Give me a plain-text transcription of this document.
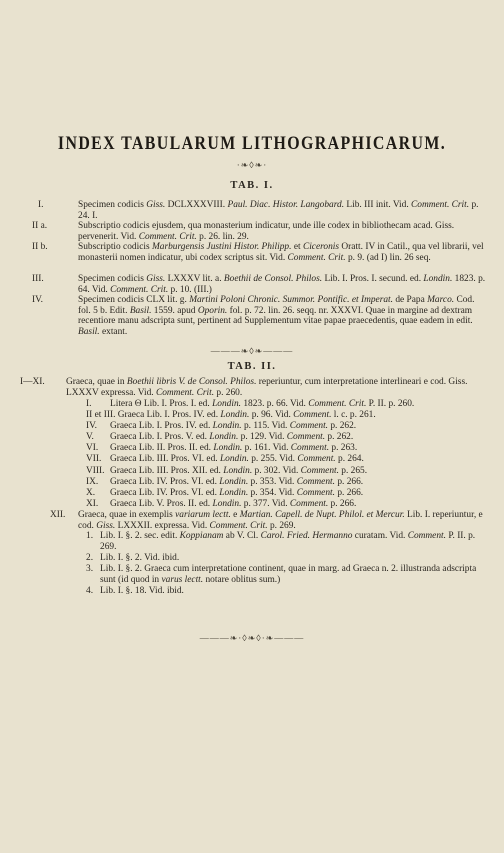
INDEX TABULARUM LITHOGRAPHICARUM.
·❧◊❧·
TAB. I.
I.	Specimen codicis Giss. DCLXXXVIII. Paul. Diac. Histor. Langobard. Lib. III init. Vid. Comment. Crit. p. 24. I.
II a.	Subscriptio codicis ejusdem, qua monasterium indicatur, unde ille codex in bibliothecam acad. Giss. pervenerit. Vid. Comment. Crit. p. 26. lin. 29.
II b.	Subscriptio codicis Marburgensis Justini Histor. Philipp. et Ciceronis Oratt. IV in Catil., qua vel librarii, vel monasterii nomen indicatur, ubi codex scriptus sit. Vid. Comment. Crit. p. 9. (ad I) lin. 26 seq.
III.	Specimen codicis Giss. LXXXV lit. a. Boethii de Consol. Philos. Lib. I. Pros. I. secund. ed. Londin. 1823. p. 64. Vid. Comment. Crit. p. 10. (III.)
IV.	Specimen codicis CLX lit. g. Martini Poloni Chronic. Summor. Pontific. et Imperat. de Papa Marco. Cod. fol. 5 b. Edit. Basil. 1559. apud Oporin. fol. p. 72. lin. 26. seqq. nr. XXXVI. Quae in margine ad dextram recentiore manu adscripta sunt, pertinent ad Supplementum vitae papae praecedentis, quae eadem in edit. Basil. extant.
———❧◊❧———
TAB. II.
I—XI. Graeca, quae in Boethii libris V. de Consol. Philos. reperiuntur, cum interpretatione interlineari e cod. Giss. LXXXV expressa. Vid. Comment. Crit. p. 260.
I. Litera Θ Lib. I. Pros. I. ed. Londin. 1823. p. 66. Vid. Comment. Crit. P. II. p. 260.
II et III. Graeca Lib. I. Pros. IV. ed. Londin. p. 96. Vid. Comment. l. c. p. 261.
IV. Graeca Lib. I. Pros. IV. ed. Londin. p. 115. Vid. Comment. p. 262.
V. Graeca Lib. I. Pros. V. ed. Londin. p. 129. Vid. Comment. p. 262.
VI. Graeca Lib. II. Pros. II. ed. Londin. p. 161. Vid. Comment. p. 263.
VII. Graeca Lib. III. Pros. VI. ed. Londin. p. 255. Vid. Comment. p. 264.
VIII. Graeca Lib. III. Pros. XII. ed. Londin. p. 302. Vid. Comment. p. 265.
IX. Graeca Lib. IV. Pros. VI. ed. Londin. p. 353. Vid. Comment. p. 266.
X. Graeca Lib. IV. Pros. VI. ed. Londin. p. 354. Vid. Comment. p. 266.
XI. Graeca Lib. V. Pros. II. ed. Londin. p. 377. Vid. Comment. p. 266.
XII. Graeca, quae in exemplis variarum lectt. e Martian. Capell. de Nupt. Philol. et Mercur. Lib. I. reperiuntur, e cod. Giss. LXXXII. expressa. Vid. Comment. Crit. p. 269.
1. Lib. I. §. 2. sec. edit. Koppianam ab V. Cl. Carol. Fried. Hermanno curatam. Vid. Comment. P. II. p. 269.
2. Lib. I. §. 2. Vid. ibid.
3. Lib. I. §. 2. Graeca cum interpretatione continent, quae in marg. ad Graeca n. 2. illustranda adscripta sunt (id quod in varus lectt. notare oblitus sum.)
4. Lib. I. §. 18. Vid. ibid.
———❧·◊❧◊·❧———
